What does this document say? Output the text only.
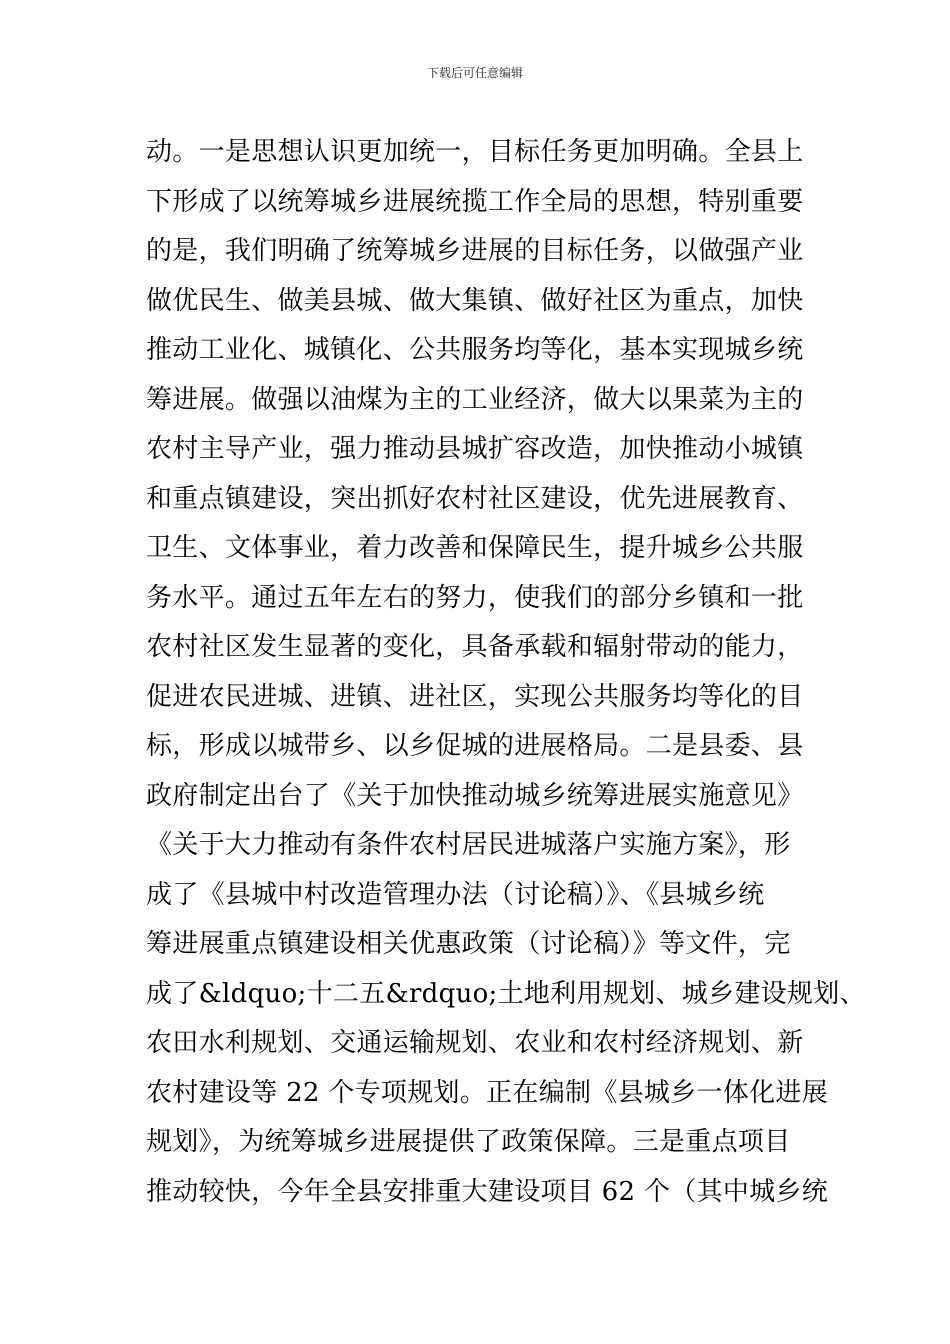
下载后可任意编辑
动。一是思想认识更加统一，目标任务更加明确。全县上
下形成了以统筹城乡进展统揽工作全局的思想，特别重要
的是，我们明确了统筹城乡进展的目标任务，以做强产业
做优民生、做美县城、做大集镇、做好社区为重点，加快
推动工业化、城镇化、公共服务均等化，基本实现城乡统
筹进展。做强以油煤为主的工业经济，做大以果菜为主的
农村主导产业，强力推动县城扩容改造，加快推动小城镇
和重点镇建设，突出抓好农村社区建设，优先进展教育、
卫生、文体事业，着力改善和保障民生，提升城乡公共服
务水平。通过五年左右的努力，使我们的部分乡镇和一批
农村社区发生显著的变化，具备承载和辐射带动的能力，
促进农民进城、进镇、进社区，实现公共服务均等化的目
标，形成以城带乡、以乡促城的进展格局。二是县委、县
政府制定出台了《关于加快推动城乡统筹进展实施意见》
《关于大力推动有条件农村居民进城落户实施方案》，形
成了《县城中村改造管理办法（讨论稿）》、《县城乡统
筹进展重点镇建设相关优惠政策（讨论稿）》等文件，完
成了&ldquo;十二五&rdquo;土地利用规划、城乡建设规划、
农田水利规划、交通运输规划、农业和农村经济规划、新
农村建设等 22 个专项规划。正在编制《县城乡一体化进展
规划》，为统筹城乡进展提供了政策保障。三是重点项目
推动较快，今年全县安排重大建设项目 62 个（其中城乡统
